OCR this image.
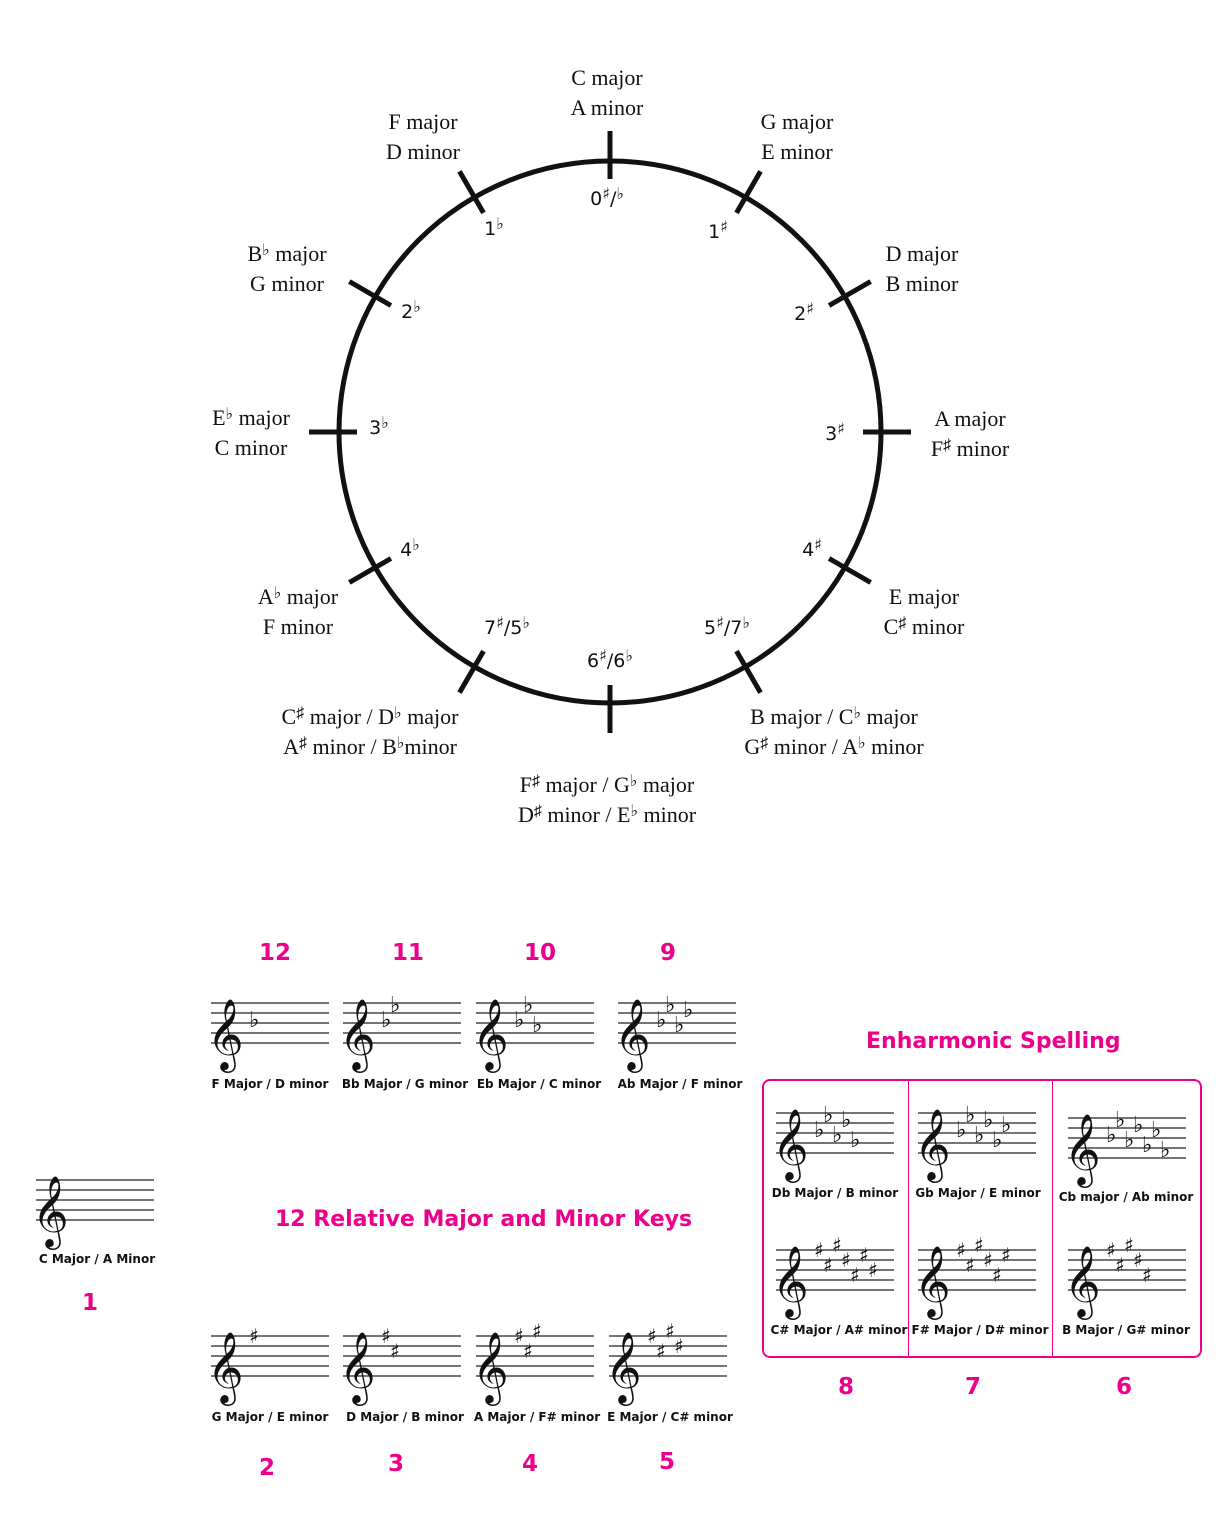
C major
A minor
0♯/♭
G major
E minor
1♯
D major
B minor
2♯
A major
F♯ minor
3♯
E major
C♯ minor
4♯
B major / C♭ major
G♯ minor / A♭ minor
5♯/7♭
F♯ major / G♭ major
D♯ minor / E♭ minor
6♯/6♭
C♯ major / D♭ major
A♯ minor / B♭minor
7♯/5♭
A♭ major
F minor
4♭
E♭ major
C minor
3♭
B♭ major
G minor
2♭
F major
D minor
1♭
12	11	10	9
𝄞 ♭ 𝄞 ♭
♭ 𝄞 ♭
♭
♭ 𝄞 ♭
♭
♭
♭
F Major / D minor	Bb Major / G minor Eb Major / C minor	Ab Major / F minor
𝄞
C Major / A Minor
1
12 Relative Major and Minor Keys
𝄞 ♯ 𝄞 ♯
♯ 𝄞 ♯
♯
♯ 𝄞 ♯
♯
♯
♯
G Major / E minor	D Major / B minor A Major / F# minor E Major / C# minor
2	3	4	5
Enharmonic Spelling
𝄞 ♭
♭
♭
♭
♭ 𝄞 ♭
♭
♭
♭
♭
♭ 𝄞 ♭
♭
♭
♭
♭
♭
♭
Db Major / B minor	Gb Major / E minor	Cb major / Ab minor
𝄞 ♯
♯
♯
♯
♯
♯
♯ 𝄞 ♯
♯
♯
♯
♯
♯ 𝄞 ♯
♯
♯
♯
♯
C# Major / A# minor F# Major / D# minor	B Major / G# minor
8	7	6
